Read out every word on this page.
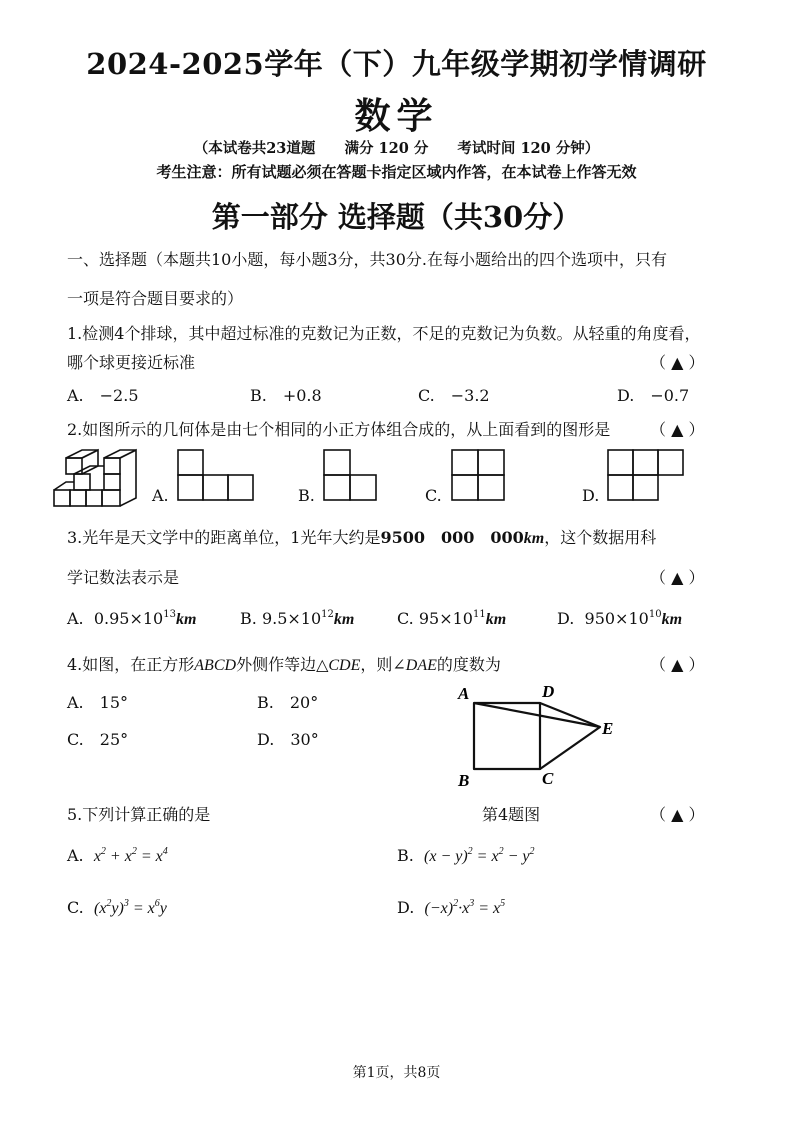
2024-2025学年（下）九年级学期初学情调研
数学
（本试卷共23道题 满分 120 分 考试时间 120 分钟）
考生注意：所有试题必须在答题卡指定区域内作答，在本试卷上作答无效
第一部分 选择题（共30分）
一、选择题（本题共10小题，每小题3分，共30分.在每小题给出的四个选项中，只有
一项是符合题目要求的）
1.检测4个排球，其中超过标准的克数记为正数，不足的克数记为负数。从轻重的角度看，
哪个球更接近标准	（ ▲ ）
A.　−2.5	B.　+0.8	C.　−3.2	D.　−0.7
2.如图所示的几何体是由七个相同的小正方体组合成的，从上面看到的图形是 （ ▲ ）
A.	B.	C.	D.
3.光年是天文学中的距离单位，1光年大约是9500　000　000km，这个数据用科
学记数法表示是	（ ▲ ）
A. $0.95\times 10^{13}km$	B. $9.5\times 10^{12}km$	C. $95\times 10^{11}km$	D. $950\times 10^{10}km$
4.如图，在正方形ABCD外侧作等边△CDE，则∠DAE的度数为	（ ▲ ）
A.　15°	B.　20°
C.　25°	D.　30°
A	D
E
B	C
第4题图
5.下列计算正确的是	（ ▲ ）
A. $x^2 + x^2 = x^4$	B. $(x - y)^2 = x^2 - y^2$
C. $(x^2y)^3 = x^6y$	D. $(-x)^2\cdot x^3 = x^5$
第1页，共8页
